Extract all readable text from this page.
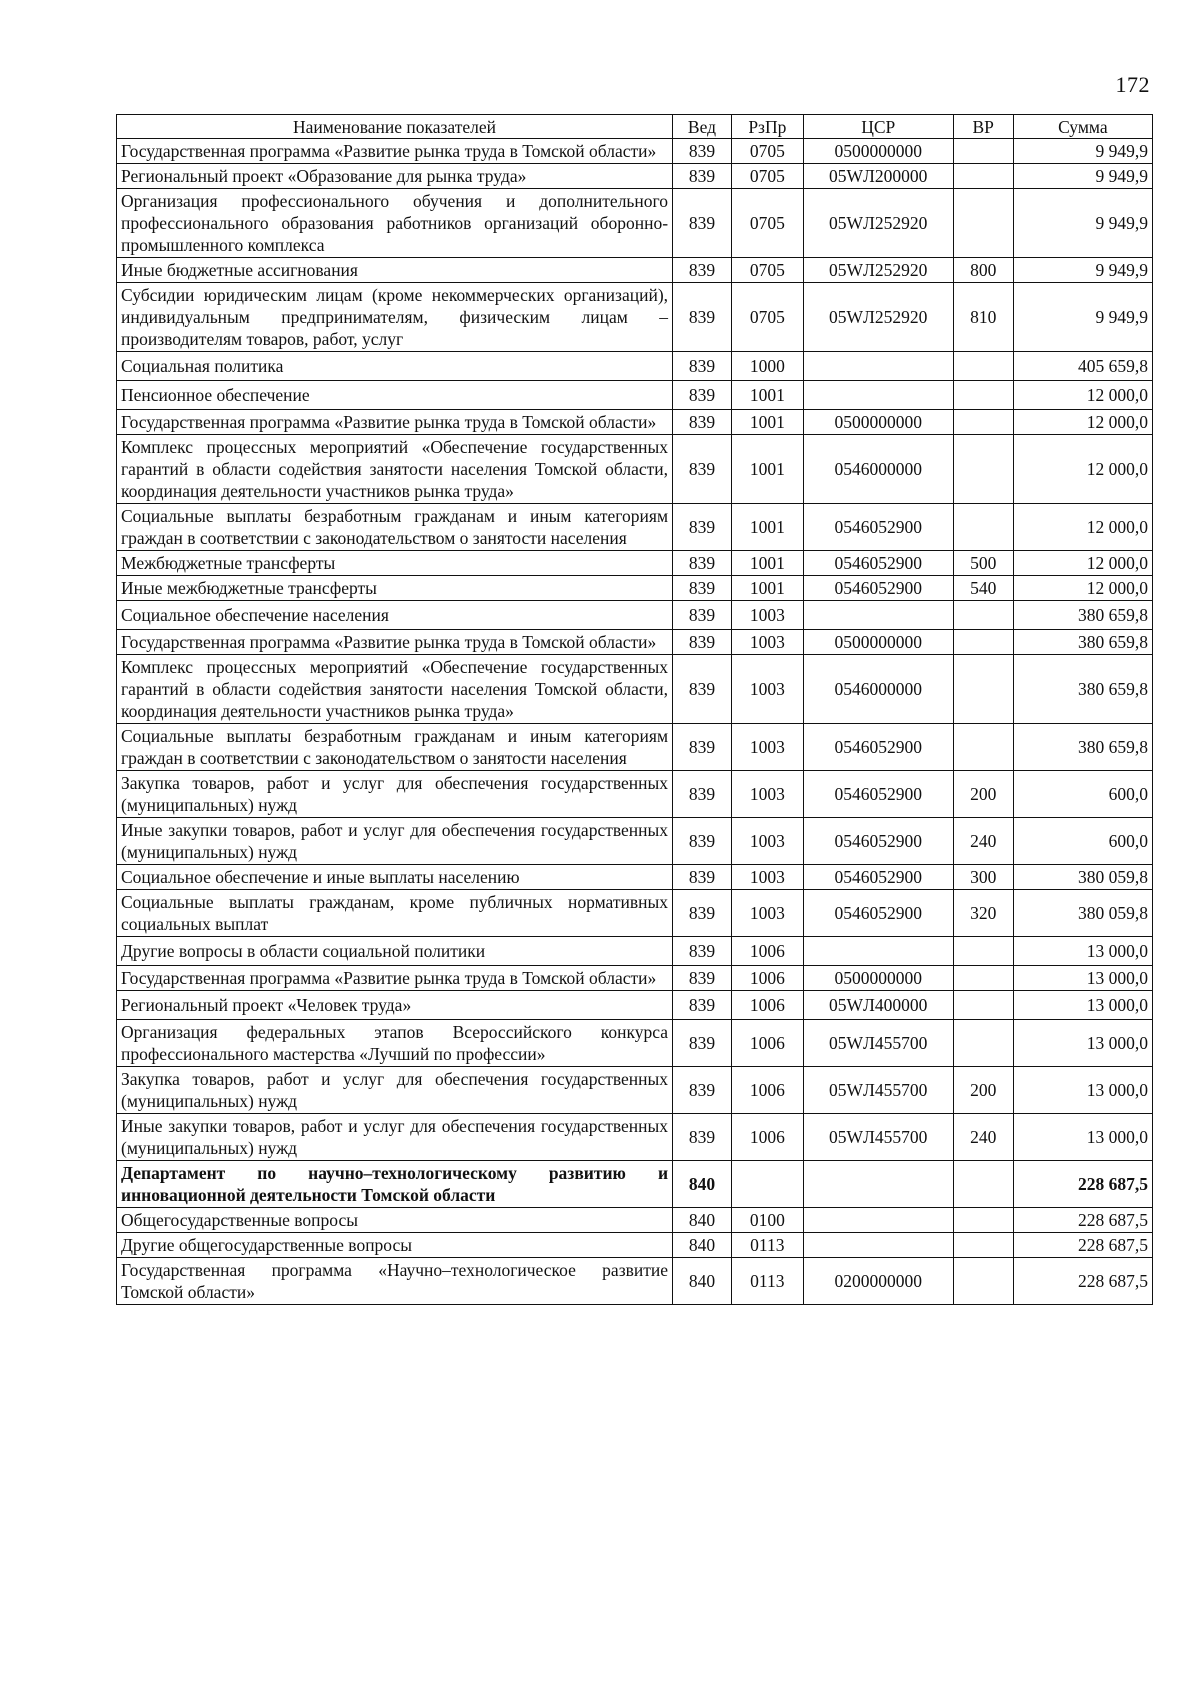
172
Наименование показателей	Вед	РзПр	ЦСР	ВР	Сумма
Государственная программа «Развитие рынка труда в Томской области»	839	0705	0500000000		9 949,9
Региональный проект «Образование для рынка труда»	839	0705	05WЛ200000		9 949,9
Организация профессионального обучения и дополнительного профессионального образования работников организаций оборонно-промышленного комплекса	839	0705	05WЛ252920		9 949,9
Иные бюджетные ассигнования	839	0705	05WЛ252920	800	9 949,9
Субсидии юридическим лицам (кроме некоммерческих организаций), индивидуальным предпринимателям, физическим лицам – производителям товаров, работ, услуг	839	0705	05WЛ252920	810	9 949,9
Социальная политика	839	1000			405 659,8
Пенсионное обеспечение	839	1001			12 000,0
Государственная программа «Развитие рынка труда в Томской области»	839	1001	0500000000		12 000,0
Комплекс процессных мероприятий «Обеспечение государственных гарантий в области содействия занятости населения Томской области, координация деятельности участников рынка труда»	839	1001	0546000000		12 000,0
Социальные выплаты безработным гражданам и иным категориям граждан в соответствии с законодательством о занятости населения	839	1001	0546052900		12 000,0
Межбюджетные трансферты	839	1001	0546052900	500	12 000,0
Иные межбюджетные трансферты	839	1001	0546052900	540	12 000,0
Социальное обеспечение населения	839	1003			380 659,8
Государственная программа «Развитие рынка труда в Томской области»	839	1003	0500000000		380 659,8
Комплекс процессных мероприятий «Обеспечение государственных гарантий в области содействия занятости населения Томской области, координация деятельности участников рынка труда»	839	1003	0546000000		380 659,8
Социальные выплаты безработным гражданам и иным категориям граждан в соответствии с законодательством о занятости населения	839	1003	0546052900		380 659,8
Закупка товаров, работ и услуг для обеспечения государственных (муниципальных) нужд	839	1003	0546052900	200	600,0
Иные закупки товаров, работ и услуг для обеспечения государственных (муниципальных) нужд	839	1003	0546052900	240	600,0
Социальное обеспечение и иные выплаты населению	839	1003	0546052900	300	380 059,8
Социальные выплаты гражданам, кроме публичных нормативных социальных выплат	839	1003	0546052900	320	380 059,8
Другие вопросы в области социальной политики	839	1006			13 000,0
Государственная программа «Развитие рынка труда в Томской области»	839	1006	0500000000		13 000,0
Региональный проект «Человек труда»	839	1006	05WЛ400000		13 000,0
Организация федеральных этапов Всероссийского конкурса профессионального мастерства «Лучший по профессии»	839	1006	05WЛ455700		13 000,0
Закупка товаров, работ и услуг для обеспечения государственных (муниципальных) нужд	839	1006	05WЛ455700	200	13 000,0
Иные закупки товаров, работ и услуг для обеспечения государственных (муниципальных) нужд	839	1006	05WЛ455700	240	13 000,0
Департамент по научно–технологическому развитию и инновационной деятельности Томской области	840				228 687,5
Общегосударственные вопросы	840	0100			228 687,5
Другие общегосударственные вопросы	840	0113			228 687,5
Государственная программа «Научно–технологическое развитие Томской области»	840	0113	0200000000		228 687,5
